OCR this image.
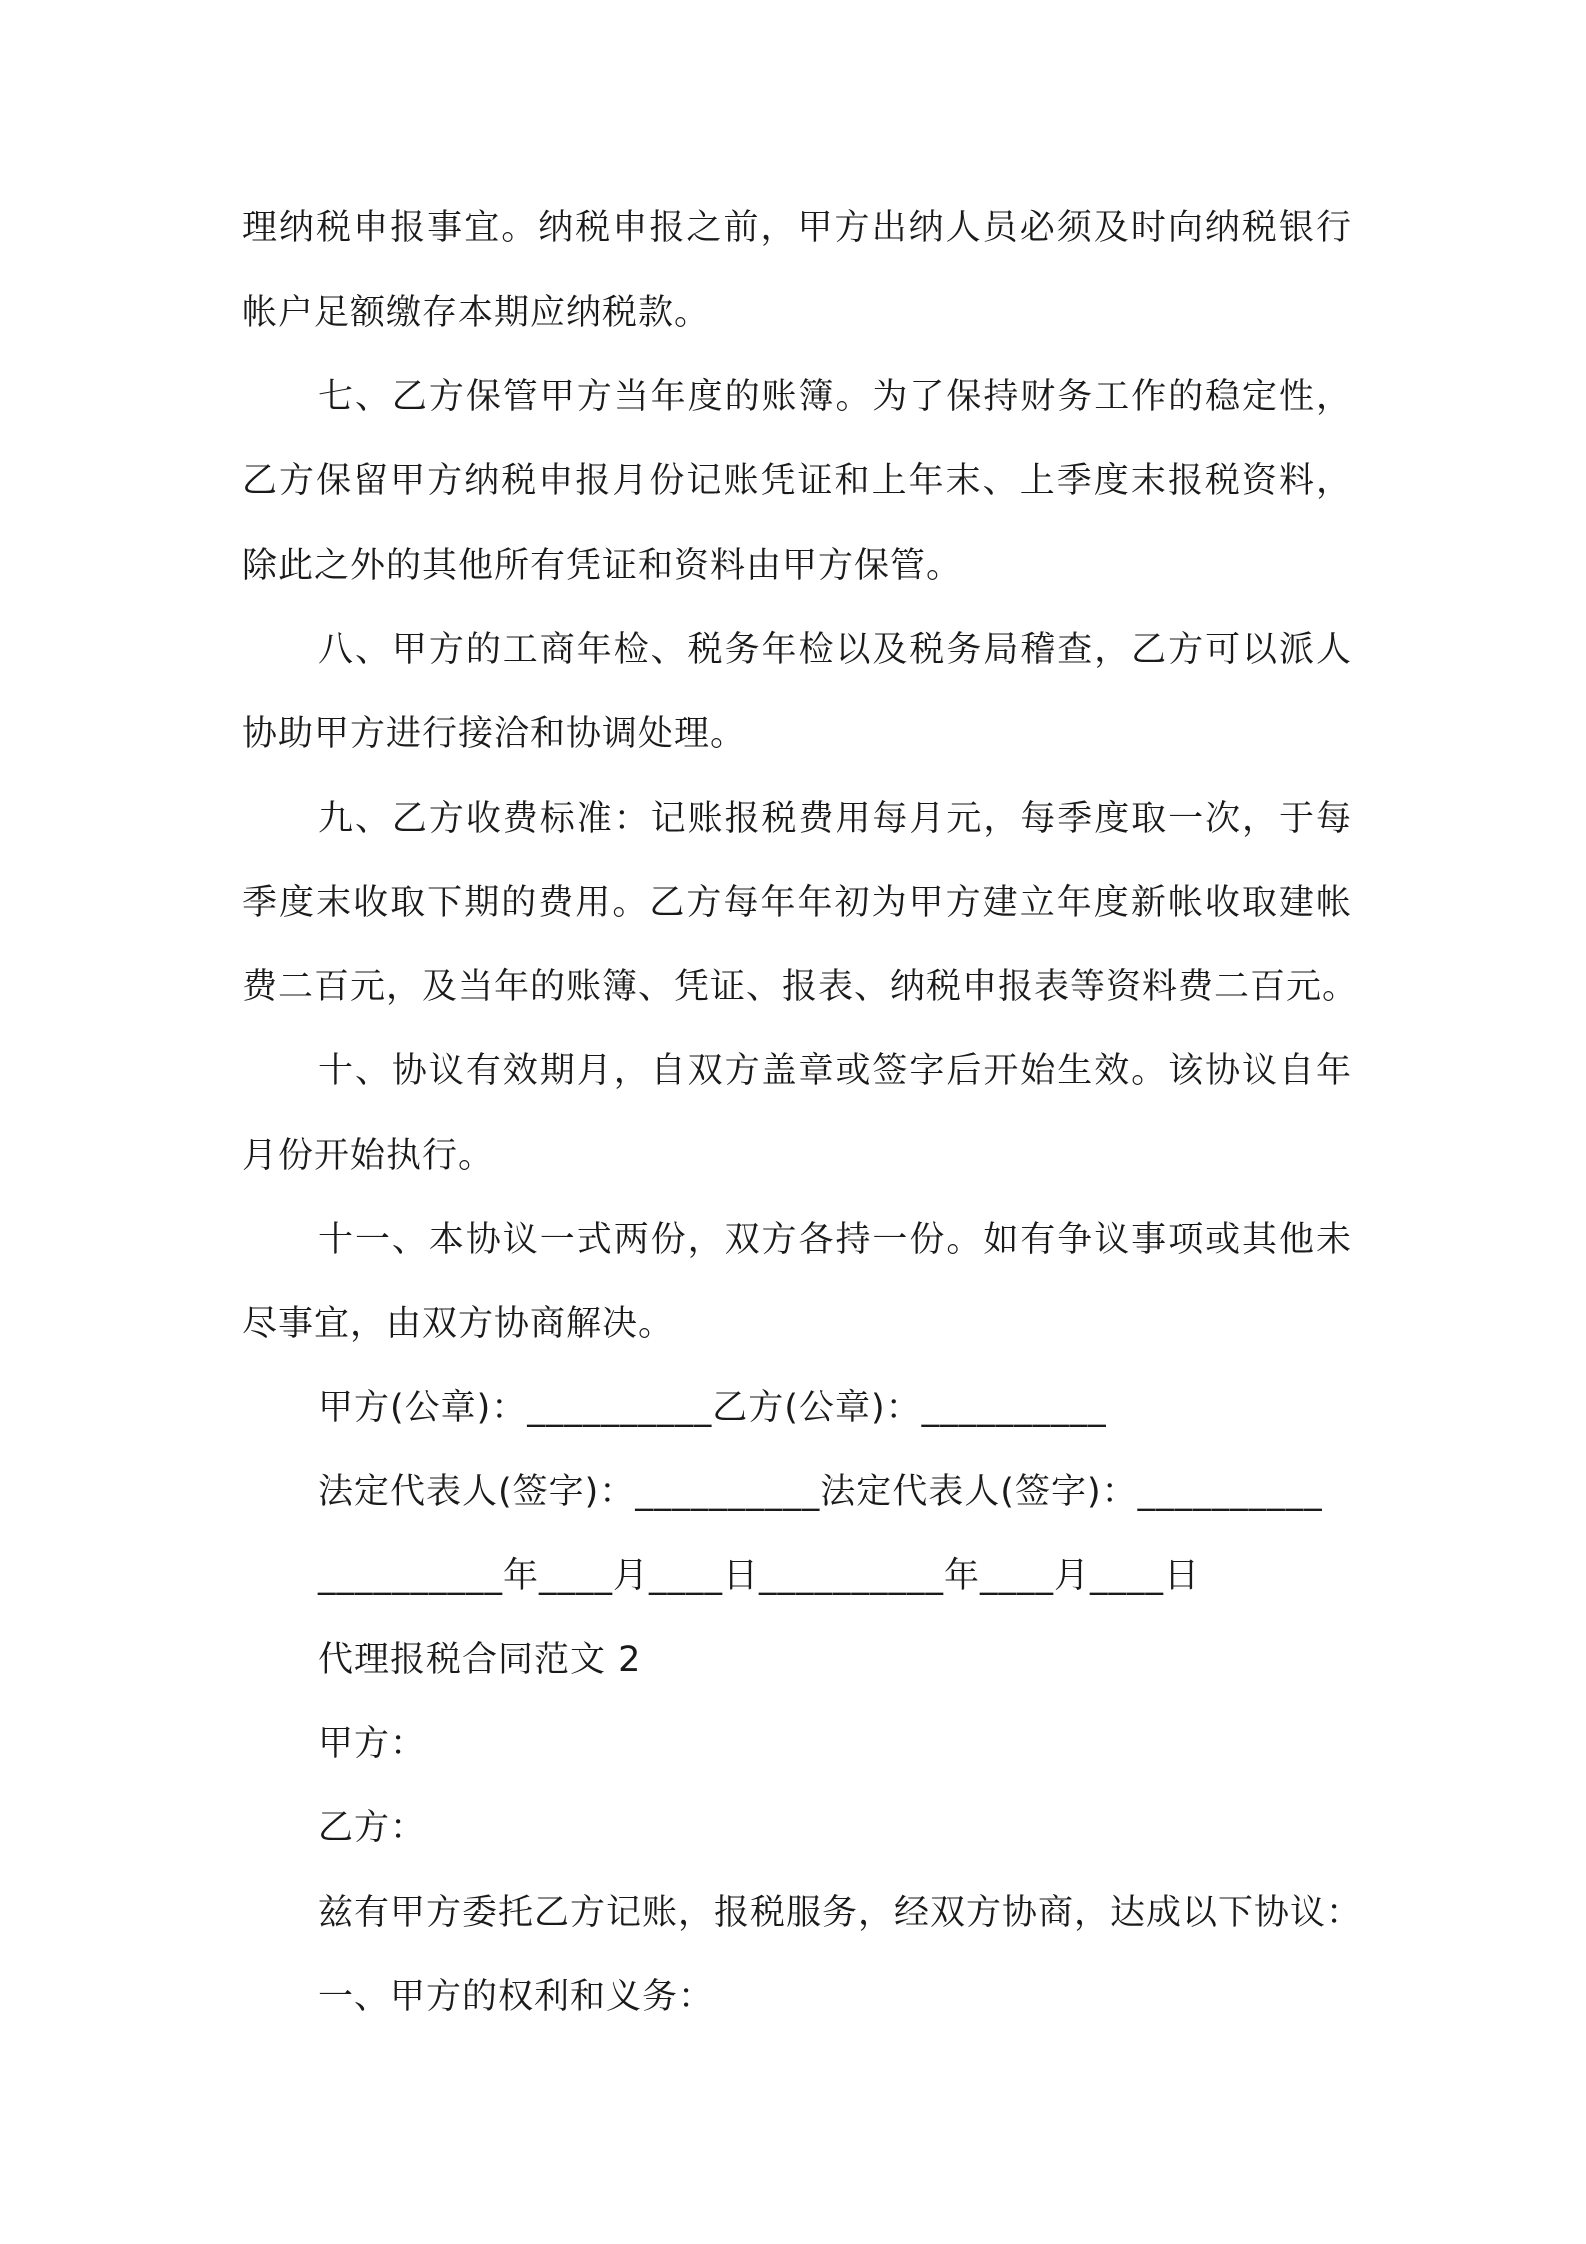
理纳税申报事宜。纳税申报之前，甲方出纳人员必须及时向纳税银行
帐户足额缴存本期应纳税款。
七、乙方保管甲方当年度的账簿。为了保持财务工作的稳定性，
乙方保留甲方纳税申报月份记账凭证和上年末、上季度末报税资料，
除此之外的其他所有凭证和资料由甲方保管。
八、甲方的工商年检、税务年检以及税务局稽查，乙方可以派人
协助甲方进行接洽和协调处理。
九、乙方收费标准：记账报税费用每月元，每季度取一次，于每
季度末收取下期的费用。乙方每年年初为甲方建立年度新帐收取建帐
费二百元，及当年的账簿、凭证、报表、纳税申报表等资料费二百元。
十、协议有效期月，自双方盖章或签字后开始生效。该协议自年
月份开始执行。
十一、本协议一式两份，双方各持一份。如有争议事项或其他未
尽事宜，由双方协商解决。
甲方(公章)：__________乙方(公章)：__________
法定代表人(签字)：__________法定代表人(签字)：__________
__________年____月____日__________年____月____日
代理报税合同范文 2
甲方：
乙方：
兹有甲方委托乙方记账，报税服务，经双方协商，达成以下协议：
一、甲方的权利和义务：
